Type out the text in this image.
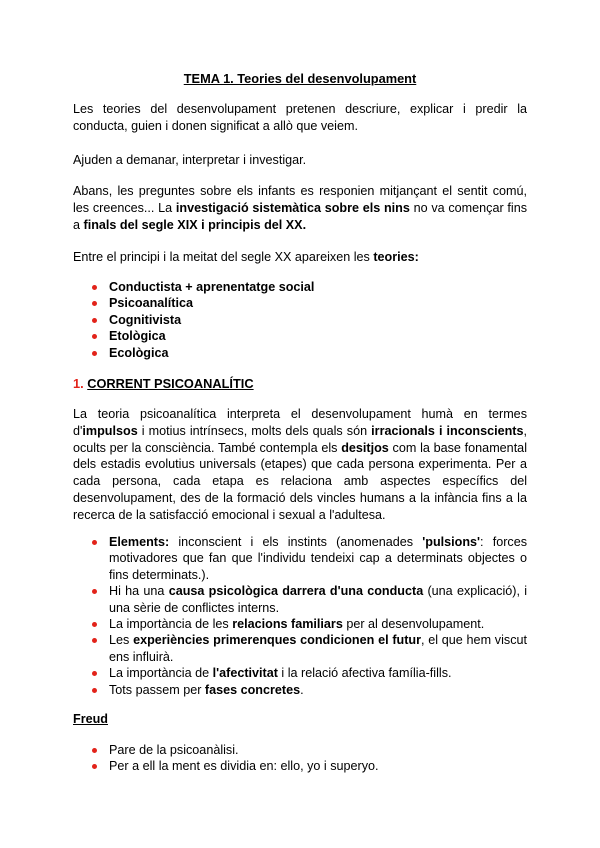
TEMA 1. Teories del desenvolupament

Les teories del desenvolupament pretenen descriure, explicar i predir la conducta, guien i donen significat a allò que veiem.

Ajuden a demanar, interpretar i investigar.

Abans, les preguntes sobre els infants es responien mitjançant el sentit comú, les creences... La investigació sistemàtica sobre els nins no va començar fins a finals del segle XIX i principis del XX.

Entre el principi i la meitat del segle XX apareixen les teories:

Conductista + aprenentatge social
Psicoanalítica
Cognitivista
Etològica
Ecològica
1. CORRENT PSICOANALÍTIC

La teoria psicoanalítica interpreta el desenvolupament humà en termes d'impulsos i motius intrínsecs, molts dels quals són irracionals i inconscients, ocults per la consciència. També contempla els desitjos com la base fonamental dels estadis evolutius universals (etapes) que cada persona experimenta. Per a cada persona, cada etapa es relaciona amb aspectes específics del desenvolupament, des de la formació dels vincles humans a la infància fins a la recerca de la satisfacció emocional i sexual a l'adultesa.

Elements: inconscient i els instints (anomenades 'pulsions': forces motivadores que fan que l'individu tendeixi cap a determinats objectes o fins determinats.).
Hi ha una causa psicològica darrera d'una conducta (una explicació), i una sèrie de conflictes interns.
La importància de les relacions familiars per al desenvolupament.
Les experiències primerenques condicionen el futur, el que hem viscut ens influirà.
La importància de l'afectivitat i la relació afectiva família-fills.
Tots passem per fases concretes.
Freud
Pare de la psicoanàlisi.
Per a ell la ment es dividia en: ello, yo i superyo.
